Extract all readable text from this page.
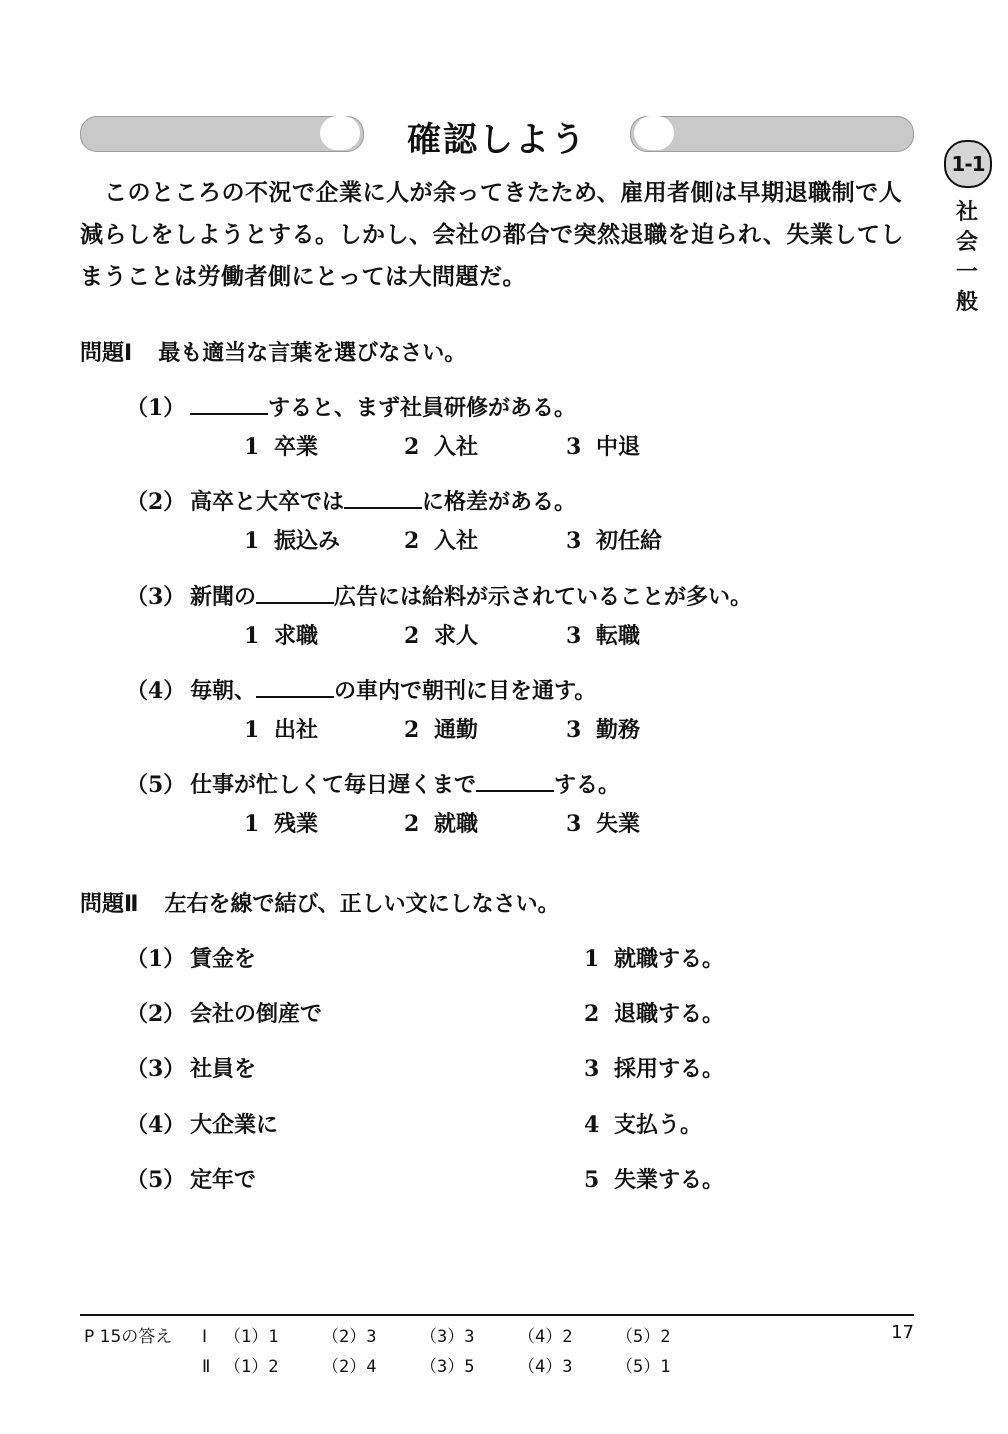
確認しよう
1-1
社
会
一
般
このところの不況で企業に人が余ってきたため、雇用者側は早期退職制で人減らしをしようとする。しかし、会社の都合で突然退職を迫られ、失業してしまうことは労働者側にとっては大問題だ。
問題Ⅰ 最も適当な言葉を選びなさい。
（1）	すると、まず社員研修がある。
1 卒業	2 入社	3 中退
（2） 高卒と大卒では	に格差がある。
1 振込み	2 入社	3 初任給
（3） 新聞の	広告には給料が示されていることが多い。
1 求職	2 求人	3 転職
（4） 毎朝、	の車内で朝刊に目を通す。
1 出社	2 通勤	3 勤務
（5） 仕事が忙しくて毎日遅くまで	する。
1 残業	2 就職	3 失業
問題Ⅱ 左右を線で結び、正しい文にしなさい。
（1） 賃金を	1 就職する。
（2） 会社の倒産で	2 退職する。
（3） 社員を	3 採用する。
（4） 大企業に	4 支払う。
（5） 定年で	5 失業する。
P 15の答え Ⅰ （1）1	（2）3	（3）3	（4）2	（5）2
Ⅱ （1）2	（2）4	（3）5	（4）3	（5）1
17
